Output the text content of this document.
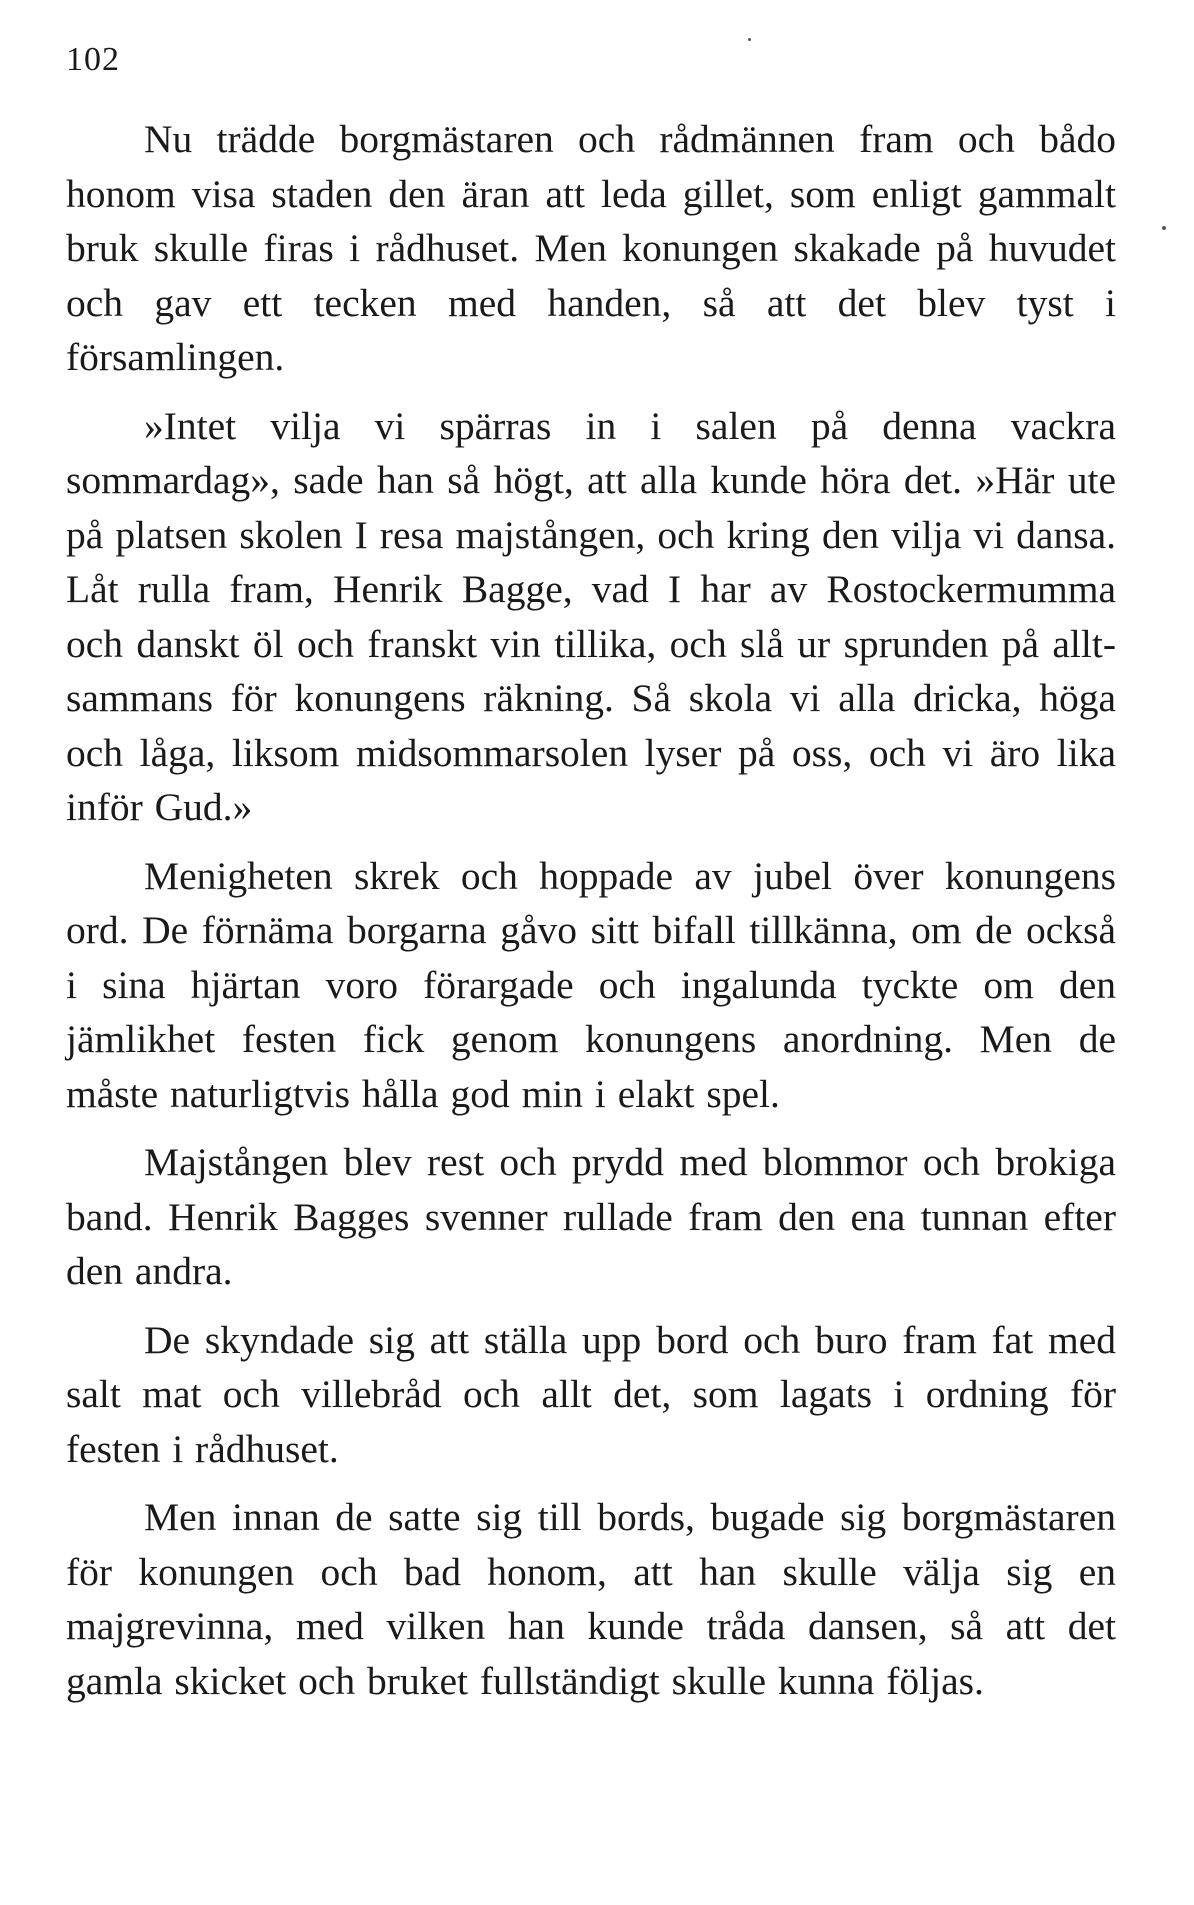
102

Nu trädde borgmästaren och rådmännen fram och bådo honom visa staden den äran att leda gillet, som enligt gammalt bruk skulle firas i rådhuset. Men konungen skakade på huvudet och gav ett tecken med handen, så att det blev tyst i församlingen.

»Intet vilja vi spärras in i salen på denna vackra sommardag», sade han så högt, att alla kunde höra det. »Här ute på platsen skolen I resa majstången, och kring den vilja vi dansa. Låt rulla fram, Henrik Bagge, vad I har av Rostockermumma och danskt öl och franskt vin tillika, och slå ur sprunden på alltsammans för konungens räkning. Så skola vi alla dricka, höga och låga, liksom midsommarsolen lyser på oss, och vi äro lika inför Gud.»

Menigheten skrek och hoppade av jubel över konungens ord. De förnäma borgarna gåvo sitt bifall tillkänna, om de också i sina hjärtan voro förargade och ingalunda tyckte om den jämlikhet festen fick genom konungens anordning. Men de måste naturligtvis hålla god min i elakt spel.

Majstången blev rest och prydd med blommor och brokiga band. Henrik Bagges svenner rullade fram den ena tunnan efter den andra.

De skyndade sig att ställa upp bord och buro fram fat med salt mat och villebråd och allt det, som lagats i ordning för festen i rådhuset.

Men innan de satte sig till bords, bugade sig borgmästaren för konungen och bad honom, att han skulle välja sig en majgrevinna, med vilken han kunde tråda dansen, så att det gamla skicket och bruket fullständigt skulle kunna följas.
